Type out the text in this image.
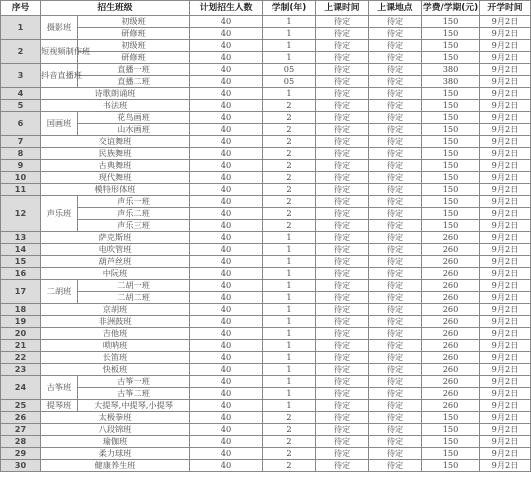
序号	招生班级		计划招生人数	学制(年)	上课时间	上课地点	学费/学期(元)	开学时间
1	摄影班	初级班	40	1	待定	待定	150	9月2日
		研修班	40	1	待定	待定	150	9月2日
2	短视频制作班	初级班	40	1	待定	待定	150	9月2日
		研修班	40	1	待定	待定	150	9月2日
3	抖音直播班	直播一班	40	05	待定	待定	380	9月2日
		直播二班	40	05	待定	待定	380	9月2日
4	诗歌朗诵班		40	1	待定	待定	150	9月2日
5	书法班		40	2	待定	待定	150	9月2日
6	国画班	花鸟画班	40	2	待定	待定	150	9月2日
		山水画班	40	2	待定	待定	150	9月2日
7	交谊舞班		40	2	待定	待定	150	9月2日
8	民族舞班		40	2	待定	待定	150	9月2日
9	古典舞班		40	2	待定	待定	150	9月2日
10	现代舞班		40	2	待定	待定	150	9月2日
11	模特形体班		40	2	待定	待定	150	9月2日
12	声乐班	声乐一班	40	2	待定	待定	150	9月2日
		声乐二班	40	2	待定	待定	150	9月2日
		声乐三班	40	2	待定	待定	150	9月2日
13	萨克斯班		40	1	待定	待定	260	9月2日
14	电吹管班		40	1	待定	待定	260	9月2日
15	葫芦丝班		40	1	待定	待定	260	9月2日
16	中阮班		40	1	待定	待定	260	9月2日
17	二胡班	二胡一班	40	1	待定	待定	260	9月2日
		二胡二班	40	1	待定	待定	260	9月2日
18	京胡班		40	1	待定	待定	260	9月2日
19	非洲鼓班		40	1	待定	待定	260	9月2日
20	吉他班		40	1	待定	待定	260	9月2日
21	唢呐班		40	1	待定	待定	260	9月2日
22	长笛班		40	1	待定	待定	260	9月2日
23	快板班		40	1	待定	待定	260	9月2日
24	古筝班	古筝一班	40	1	待定	待定	260	9月2日
		古筝二班	40	1	待定	待定	260	9月2日
25	提琴班	大提琴,中提琴,小提琴	40	1	待定	待定	260	9月2日
26	太极拳班		40	2	待定	待定	150	9月2日
27	八段锦班		40	2	待定	待定	150	9月2日
28	瑜伽班		40	2	待定	待定	150	9月2日
29	柔力球班		40	2	待定	待定	150	9月2日
30	健康养生班		40	2	待定	待定	150	9月2日
